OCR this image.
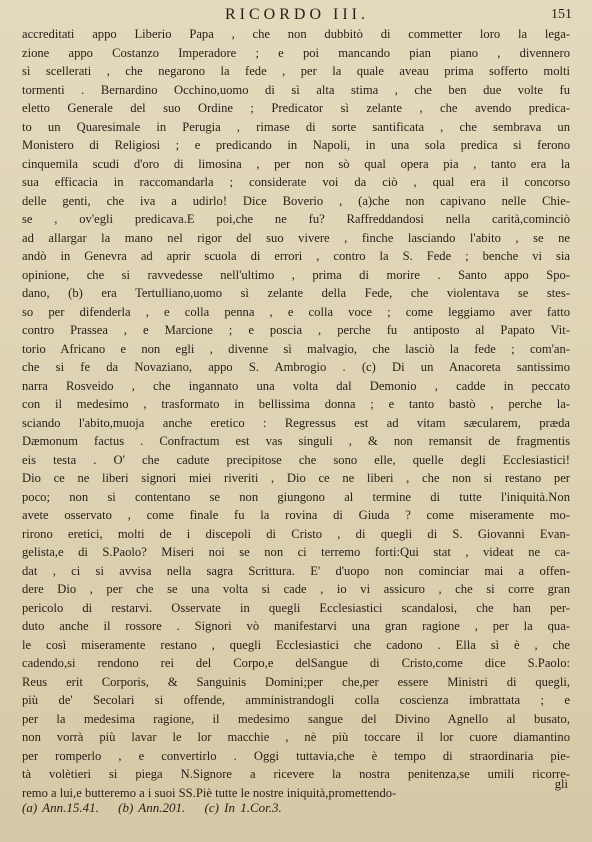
RICORDO III.	151
accreditati appo Liberio Papa , che non dubbitò di commetter loro la lega-
zione appo Costanzo Imperadore ; e poi mancando pian piano , divennero
sì scellerati , che negarono la fede , per la quale aveau prima sofferto molti
tormenti . Bernardino Occhino,uomo di sì alta stima , che ben due volte fu
eletto Generale del suo Ordine ; Predicator sì zelante , che avendo predica-
to un Quaresimale in Perugia , rimase di sorte santificata , che sembrava un
Monistero di Religiosi ; e predicando in Napoli, in una sola predica si ferono
cinquemila scudi d'oro di limosina , per non sò qual opera pia , tanto era la
sua efficacia in raccomandarla ; considerate voi da ciò , qual era il concorso
delle genti, che iva a udirlo! Dice Boverio , (a)che non capivano nelle Chie-
se , ov'egli predicava.E poi,che ne fu? Raffreddandosi nella carità,cominciò
ad allargar la mano nel rigor del suo vivere , finche lasciando l'abito , se ne
andò in Genevra ad aprir scuola di errori , contro la S. Fede ; benche vi sia
opinione, che si ravvedesse nell'ultimo , prima di morire . Santo appo Spo-
dano, (b) era Tertulliano,uomo sì zelante della Fede, che violentava se stes-
so per difenderla , e colla penna , e colla voce ; come leggiamo aver fatto
contro Prassea , e Marcione ; e poscia , perche fu antiposto al Papato Vit-
torio Africano e non egli , divenne sì malvagio, che lasciò la fede ; com'an-
che si fe da Novaziano, appo S. Ambrogio . (c) Di un Anacoreta santissimo
narra Rosveido , che ingannato una volta dal Demonio , cadde in peccato
con il medesimo , trasformato in bellissima donna ; e tanto bastò , perche la-
sciando l'abito,muoja anche eretico : Regressus est ad vitam sæcularem, præda
Dæmonum factus . Confractum est vas singuli , & non remansit de fragmentis
eis testa . O' che cadute precipitose che sono elle, quelle degli Ecclesiastici!
Dio ce ne liberi signori miei riveriti , Dio ce ne liberi , che non si restano per
poco; non si contentano se non giungono al termine di tutte l'iniquità.Non
avete osservato , come finale fu la rovina di Giuda ? come miseramente mo-
rirono eretici, molti de i discepoli di Cristo , di quegli di S. Giovanni Evan-
gelista,e di S.Paolo? Miseri noi se non ci terremo forti:Qui stat , videat ne ca-
dat , ci si avvisa nella sagra Scrittura. E' d'uopo non cominciar mai a offen-
dere Dio , per che se una volta si cade , io vi assicuro , che si corre gran
pericolo di restarvi. Osservate in quegli Ecclesiastici scandalosi, che han per-
duto anche il rossore . Signori vò manifestarvi una gran ragione , per la qua-
le così miseramente restano , quegli Ecclesiastici che cadono . Ella sì è , che
cadendo,si rendono rei del Corpo,e delSangue di Cristo,come dice S.Paolo:
Reus erit Corporis, & Sanguinis Domini;per che,per essere Ministri di quegli,
più de' Secolari si offende, amministrandogli colla coscienza imbrattata ; e
per la medesima ragione, il medesimo sangue del Divino Agnello al busato,
non vorrà più lavar le lor macchie , nè più toccare il lor cuore diamantino
per romperlo , e convertirlo . Oggi tuttavia,che è tempo di straordinaria pie-
tà volètieri si piega N.Signore a ricevere la nostra penitenza,se umili ricorre-
remo a lui,e butteremo a i suoi SS.Piè tutte le nostre iniquità,promettendo-
gli
(a) Ann.15.41. (b) Ann.201. (c) In 1.Cor.3.
